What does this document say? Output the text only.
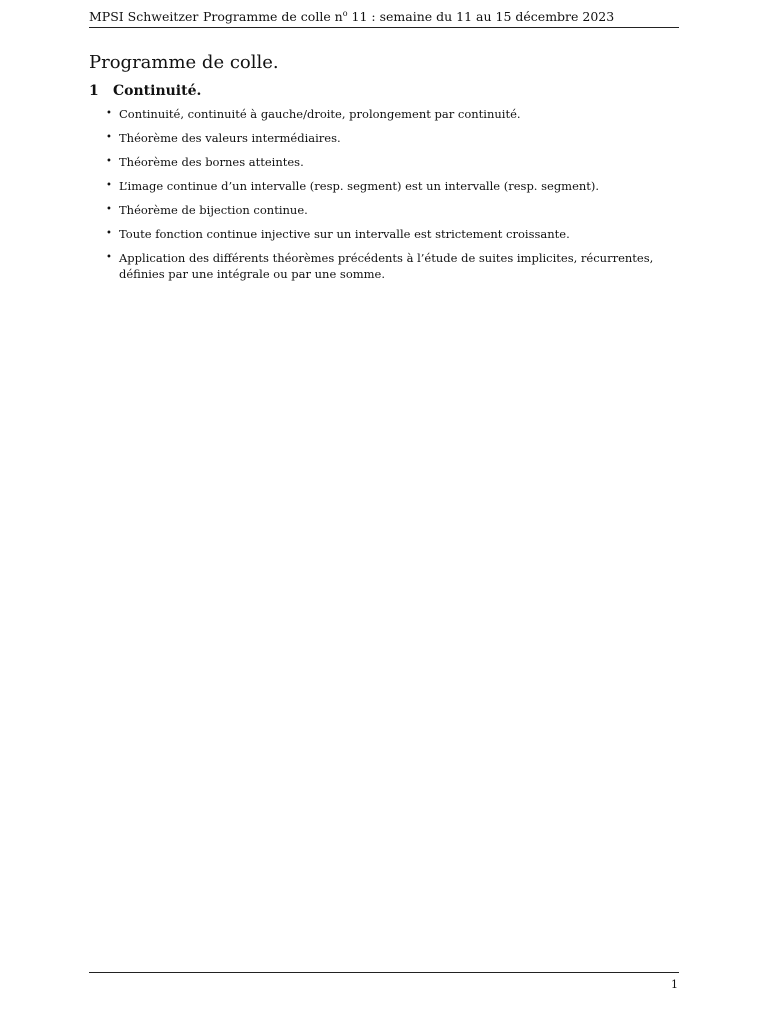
MPSI Schweitzer Programme de colle $n^o$ 11 : semaine du 11 au 15 décembre 2023
Programme de colle.
1 Continuité.
• Continuité, continuité à gauche/droite, prolongement par continuité.
• Théorème des valeurs intermédiaires.
• Théorème des bornes atteintes.
• L’image continue d’un intervalle (resp. segment) est un intervalle (resp. segment).
• Théorème de bijection continue.
• Toute fonction continue injective sur un intervalle est strictement croissante.
• Application des différents théorèmes précédents à l’étude de suites implicites, récurrentes, définies par une intégrale ou par une somme.
1
